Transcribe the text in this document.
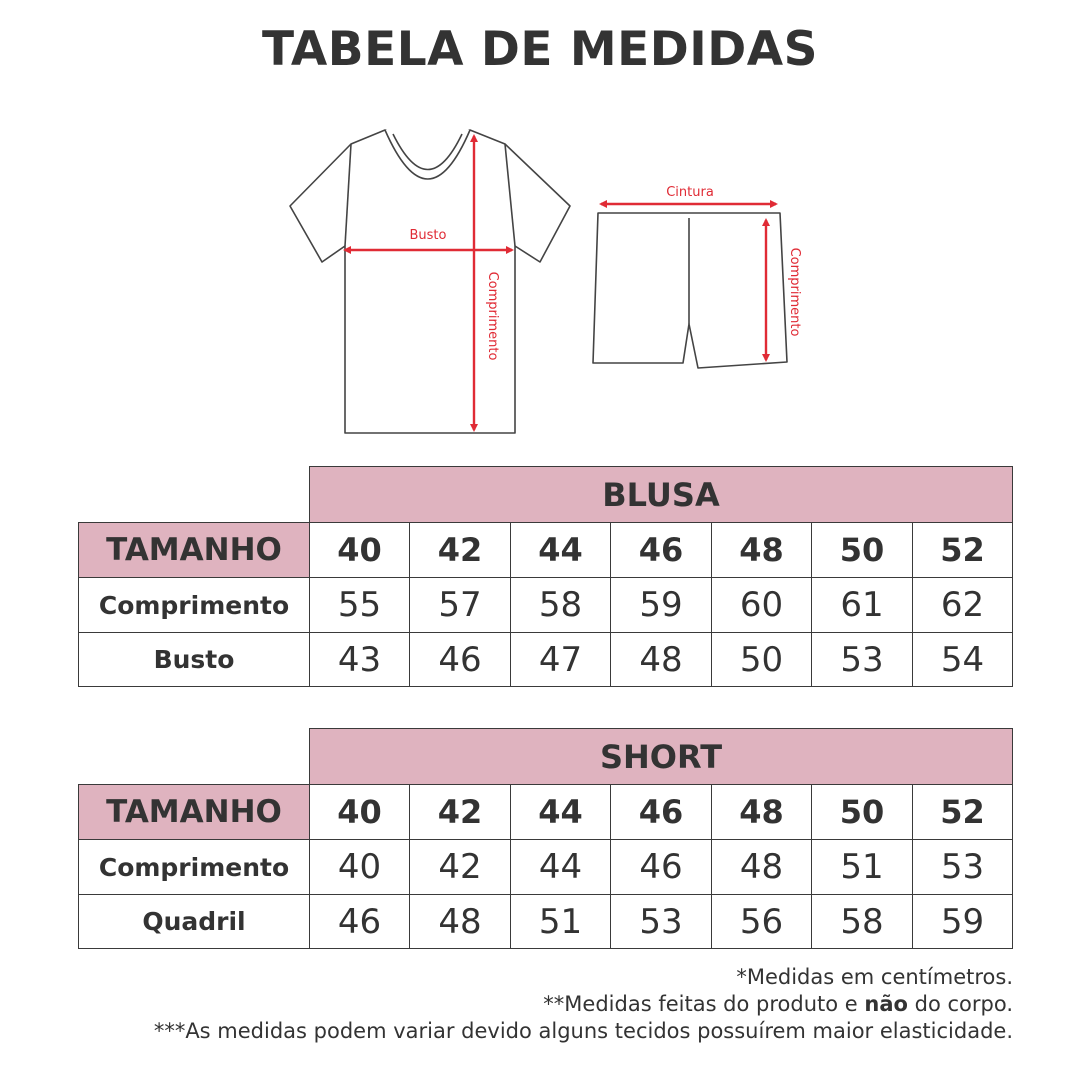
TABELA DE MEDIDAS
Busto
Comprimento
Cintura
Comprimento
	BLUSA						
TAMANHO	40	42	44	46	48	50	52
Comprimento	55	57	58	59	60	61	62
Busto	43	46	47	48	50	53	54
	SHORT						
TAMANHO	40	42	44	46	48	50	52
Comprimento	40	42	44	46	48	51	53
Quadril	46	48	51	53	56	58	59
*Medidas em centímetros.
**Medidas feitas do produto e não do corpo.
***As medidas podem variar devido alguns tecidos possuírem maior elasticidade.
